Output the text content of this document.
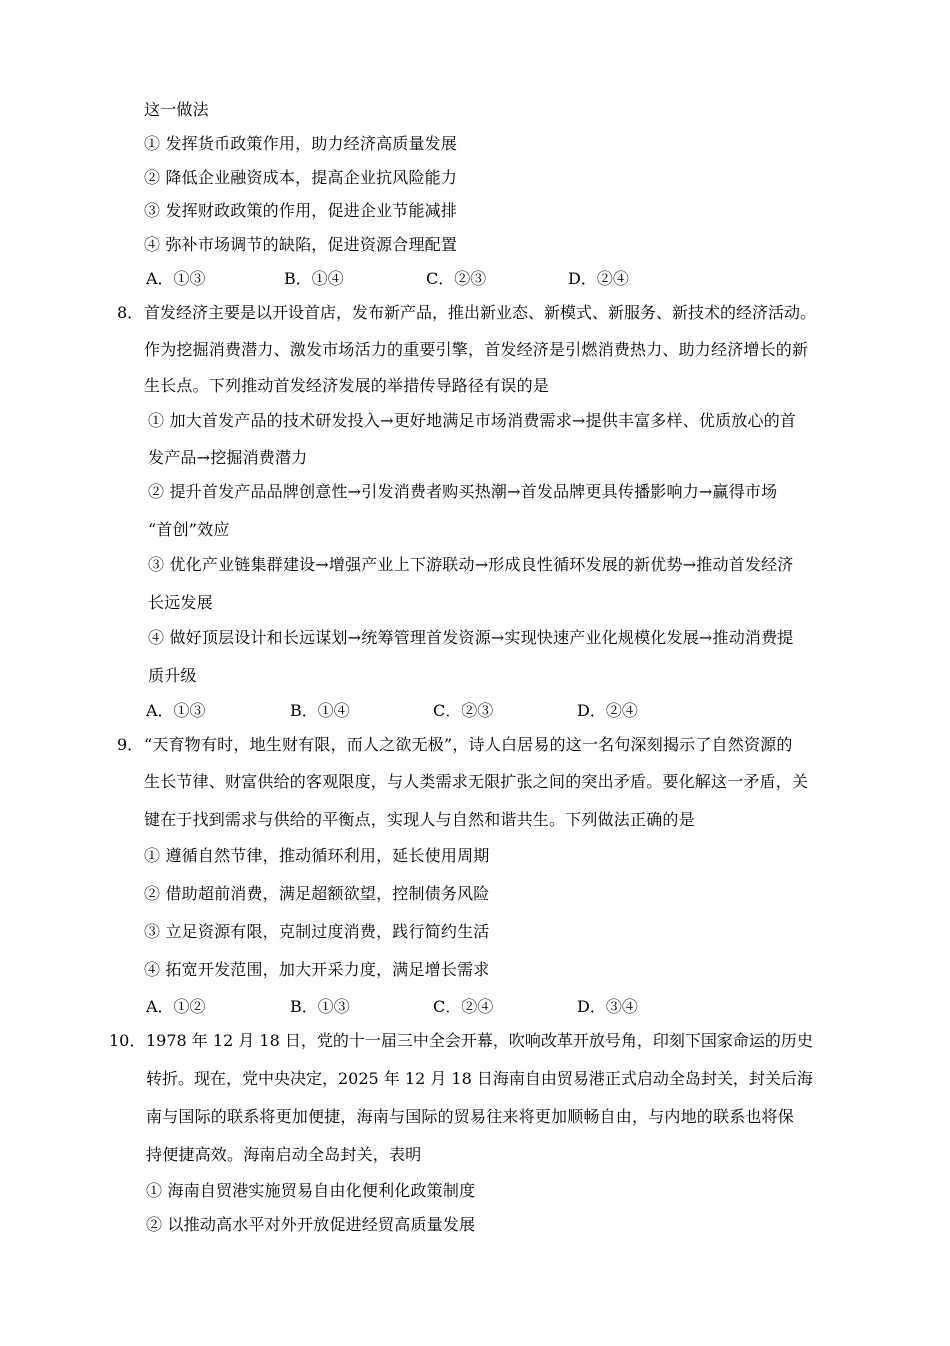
这一做法
① 发挥货币政策作用，助力经济高质量发展
② 降低企业融资成本，提高企业抗风险能力
③ 发挥财政政策的作用，促进企业节能减排
④ 弥补市场调节的缺陷，促进资源合理配置
A．①③	B．①④	C．②③	D．②④
8． 首发经济主要是以开设首店，发布新产品，推出新业态、新模式、新服务、新技术的经济活动。
作为挖掘消费潜力、激发市场活力的重要引擎，首发经济是引燃消费热力、助力经济增长的新
生长点。下列推动首发经济发展的举措传导路径有误的是
① 加大首发产品的技术研发投入→更好地满足市场消费需求→提供丰富多样、优质放心的首
发产品→挖掘消费潜力
② 提升首发产品品牌创意性→引发消费者购买热潮→首发品牌更具传播影响力→赢得市场
“首创”效应
③ 优化产业链集群建设→增强产业上下游联动→形成良性循环发展的新优势→推动首发经济
长远发展
④ 做好顶层设计和长远谋划→统筹管理首发资源→实现快速产业化规模化发展→推动消费提
质升级
A．①③	B．①④	C．②③	D．②④
9． “天育物有时，地生财有限，而人之欲无极”，诗人白居易的这一名句深刻揭示了自然资源的
生长节律、财富供给的客观限度，与人类需求无限扩张之间的突出矛盾。要化解这一矛盾，关
键在于找到需求与供给的平衡点，实现人与自然和谐共生。下列做法正确的是
① 遵循自然节律，推动循环利用，延长使用周期
② 借助超前消费，满足超额欲望，控制债务风险
③ 立足资源有限，克制过度消费，践行简约生活
④ 拓宽开发范围，加大开采力度，满足增长需求
A．①②	B．①③	C．②④	D．③④
10． 1978 年 12 月 18 日，党的十一届三中全会开幕，吹响改革开放号角，印刻下国家命运的历史
转折。现在，党中央决定，2025 年 12 月 18 日海南自由贸易港正式启动全岛封关，封关后海
南与国际的联系将更加便捷，海南与国际的贸易往来将更加顺畅自由，与内地的联系也将保
持便捷高效。海南启动全岛封关，表明
① 海南自贸港实施贸易自由化便利化政策制度
② 以推动高水平对外开放促进经贸高质量发展
